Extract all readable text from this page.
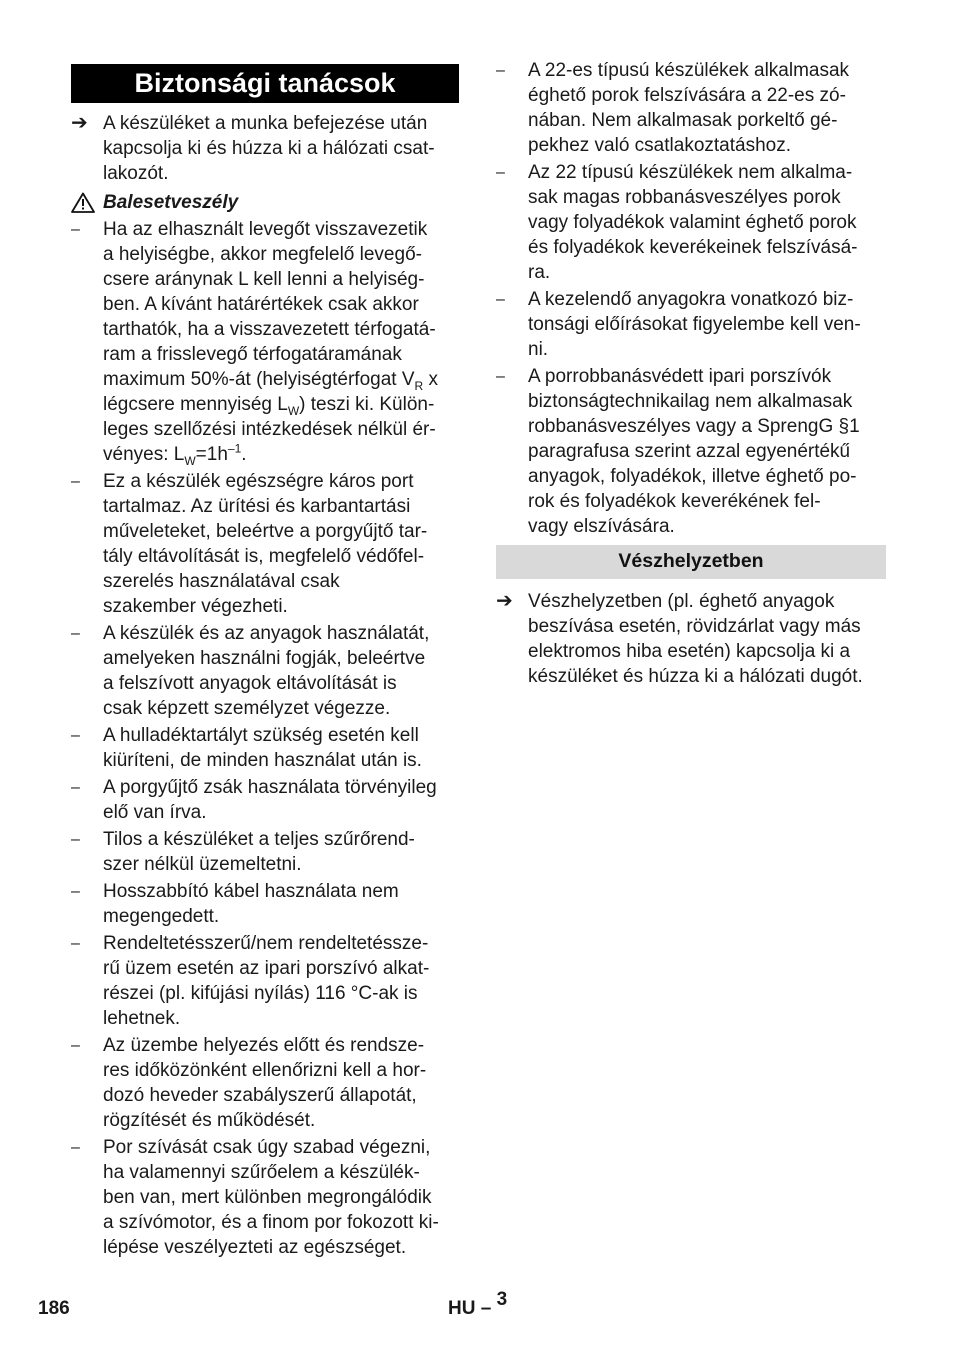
Biztonsági tanácsok
➔ A készüléket a munka befejezése után
kapcsolja ki és húzza ki a hálózati csat-
lakozót.
Balesetveszély
–	Ha az elhasznált levegőt visszavezetik
a helyiségbe, akkor megfelelő levegő-
csere aránynak L kell lenni a helyiség-
ben. A kívánt határértékek csak akkor
tarthatók, ha a visszavezetett térfogatá-
ram a frisslevegő térfogatáramának
maximum 50%-át (helyiségtérfogat $V_R$ x
légcsere mennyiség $L_W$) teszi ki. Külön-
leges szellőzési intézkedések nélkül ér-
vényes: $L_W=1h^{-1}$.
–	Ez a készülék egészségre káros port
tartalmaz. Az ürítési és karbantartási
műveleteket, beleértve a porgyűjtő tar-
tály eltávolítását is, megfelelő védőfel-
szerelés használatával csak
szakember végezheti.
–	A készülék és az anyagok használatát,
amelyeken használni fogják, beleértve
a felszívott anyagok eltávolítását is
csak képzett személyzet végezze.
–	A hulladéktartályt szükség esetén kell
kiüríteni, de minden használat után is.
–	A porgyűjtő zsák használata törvényileg
elő van írva.
–	Tilos a készüléket a teljes szűrőrend-
szer nélkül üzemeltetni.
–	Hosszabbító kábel használata nem
megengedett.
–	Rendeltetésszerű/nem rendeltetéssze-
rű üzem esetén az ipari porszívó alkat-
részei (pl. kifújási nyílás) 116 °C-ak is
lehetnek.
–	Az üzembe helyezés előtt és rendsze-
res időközönként ellenőrizni kell a hor-
dozó heveder szabályszerű állapotát,
rögzítését és működését.
–	Por szívását csak úgy szabad végezni,
ha valamennyi szűrőelem a készülék-
ben van, mert különben megrongálódik
a szívómotor, és a finom por fokozott ki-
lépése veszélyezteti az egészséget.
–	A 22-es típusú készülékek alkalmasak
éghető porok felszívására a 22-es zó-
nában. Nem alkalmasak porkeltő gé-
pekhez való csatlakoztatáshoz.
–	Az 22 típusú készülékek nem alkalma-
sak magas robbanásveszélyes porok
vagy folyadékok valamint éghető porok
és folyadékok keverékeinek felszívásá-
ra.
–	A kezelendő anyagokra vonatkozó biz-
tonsági előírásokat figyelembe kell ven-
ni.
–	A porrobbanásvédett ipari porszívók
biztonságtechnikailag nem alkalmasak
robbanásveszélyes vagy a SprengG §1
paragrafusa szerint azzal egyenértékű
anyagok, folyadékok, illetve éghető po-
rok és folyadékok keverékének fel-
vagy elszívására.
Vészhelyzetben
➔ Vészhelyzetben (pl. éghető anyagok
beszívása esetén, rövidzárlat vagy más
elektromos hiba esetén) kapcsolja ki a
készüléket és húzza ki a hálózati dugót.
186	HU – $^3$
